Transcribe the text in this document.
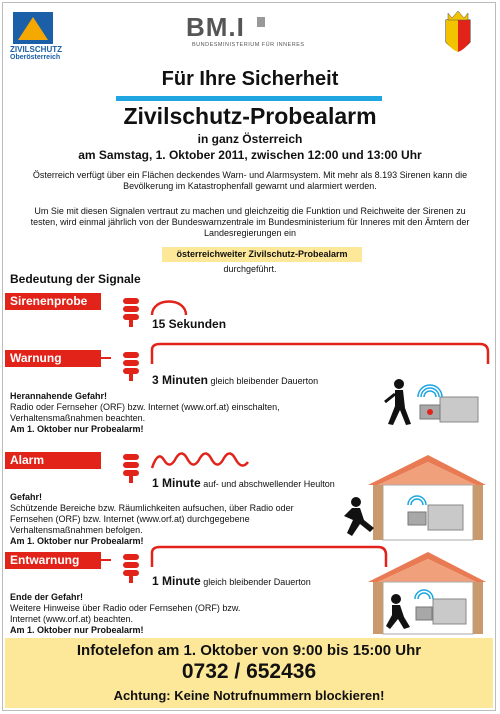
ZIVILSCHUTZ
Oberösterreich
BM.I
BUNDESMINISTERIUM FÜR INNERES
Für Ihre Sicherheit
Zivilschutz-Probealarm
in ganz Österreich
am Samstag, 1. Oktober 2011, zwischen 12:00 und 13:00 Uhr
Österreich verfügt über ein Flächen deckendes Warn- und Alarmsystem. Mit mehr als 8.193 Sirenen kann die Bevölkerung im Katastrophenfall gewarnt und alarmiert werden.
Um Sie mit diesen Signalen vertraut zu machen und gleichzeitig die Funktion und Reichweite der Sirenen zu testen, wird einmal jährlich von der Bundeswarnzentrale im Bundesministerium für Inneres mit den Ämtern der Landesregierungen ein
österreichweiter Zivilschutz-Probealarm
durchgeführt.
Bedeutung der Signale
Sirenenprobe
15 Sekunden
Warnung
3 Minuten gleich bleibender Dauerton
Herannahende Gefahr!
Radio oder Fernseher (ORF) bzw. Internet (www.orf.at) einschalten, Verhaltensmaßnahmen beachten.
Am 1. Oktober nur Probealarm!
Alarm
1 Minute auf- und abschwellender Heulton
Gefahr!
Schützende Bereiche bzw. Räumlichkeiten aufsuchen, über Radio oder Fernsehen (ORF) bzw. Internet (www.orf.at) durchgegebene Verhaltensmaßnahmen befolgen.
Am 1. Oktober nur Probealarm!
Entwarnung
1 Minute gleich bleibender Dauerton
Ende der Gefahr!
Weitere Hinweise über Radio oder Fernsehen (ORF) bzw. Internet (www.orf.at) beachten.
Am 1. Oktober nur Probealarm!
Infotelefon am 1. Oktober von 9:00 bis 15:00 Uhr
0732 / 652436
Achtung: Keine Notrufnummern blockieren!
